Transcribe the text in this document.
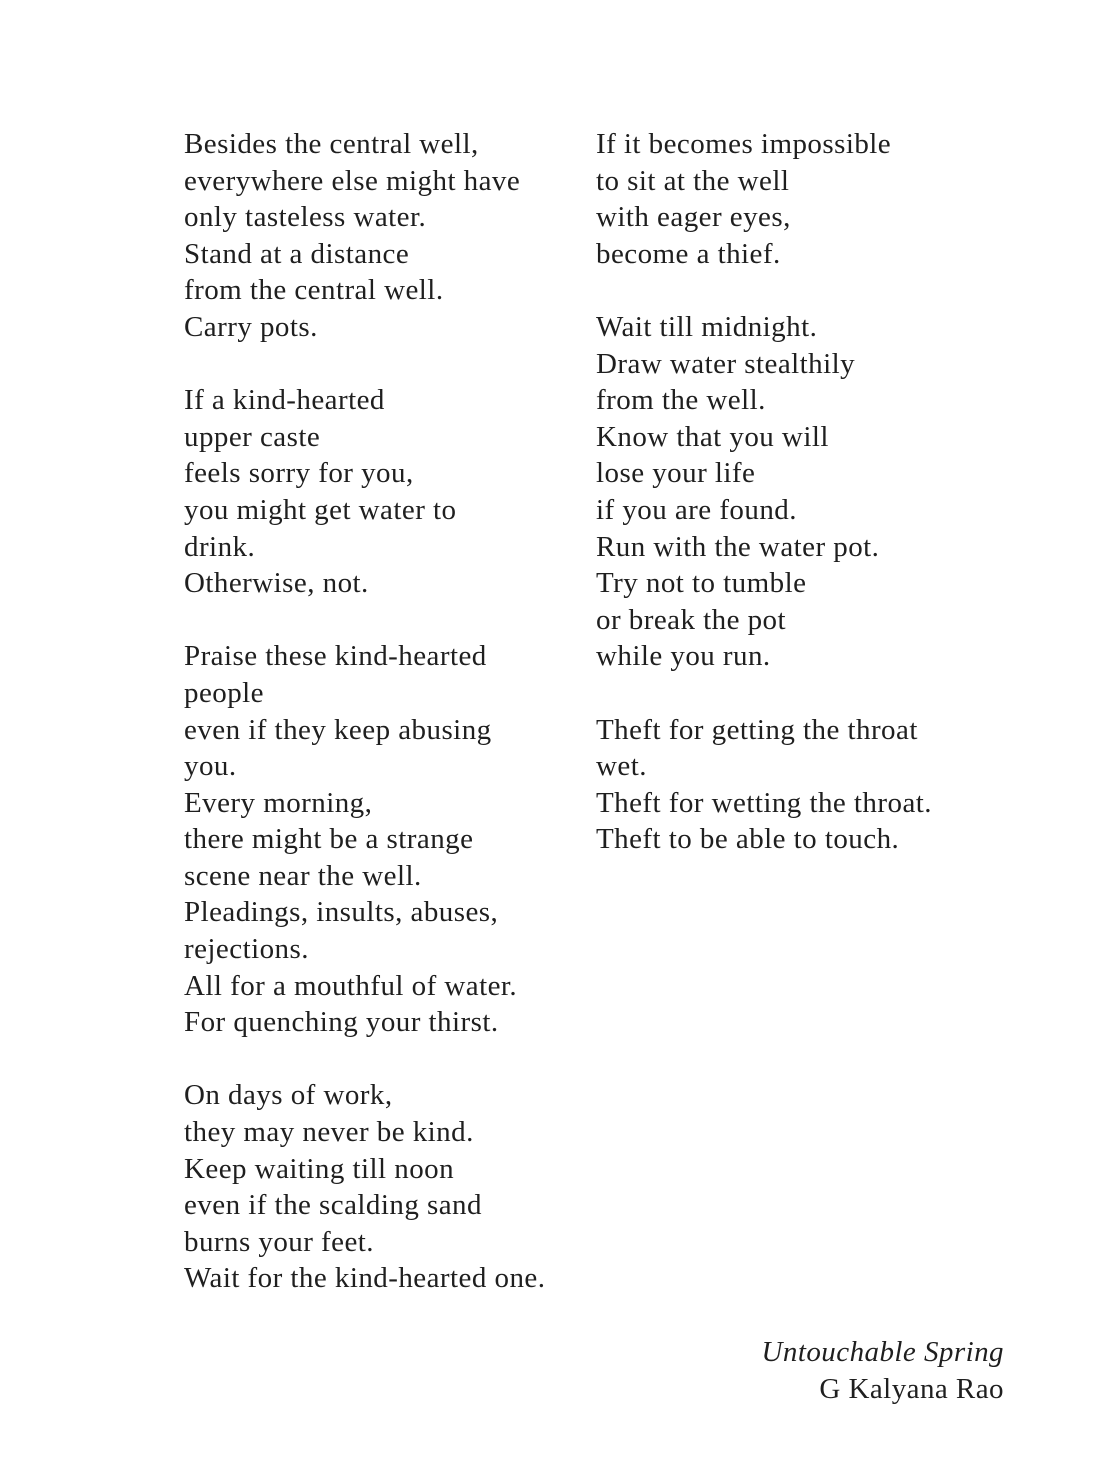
Besides the central well,
everywhere else might have
only tasteless water.
Stand at a distance
from the central well.
Carry pots.
If a kind-hearted
upper caste
feels sorry for you,
you might get water to
drink.
Otherwise, not.
Praise these kind-hearted
people
even if they keep abusing
you.
Every morning,
there might be a strange
scene near the well.
Pleadings, insults, abuses,
rejections.
All for a mouthful of water.
For quenching your thirst.
On days of work,
they may never be kind.
Keep waiting till noon
even if the scalding sand
burns your feet.
Wait for the kind-hearted one.
If it becomes impossible
to sit at the well
with eager eyes,
become a thief.
Wait till midnight.
Draw water stealthily
from the well.
Know that you will
lose your life
if you are found.
Run with the water pot.
Try not to tumble
or break the pot
while you run.
Theft for getting the throat
wet.
Theft for wetting the throat.
Theft to be able to touch.
Untouchable Spring
G Kalyana Rao
